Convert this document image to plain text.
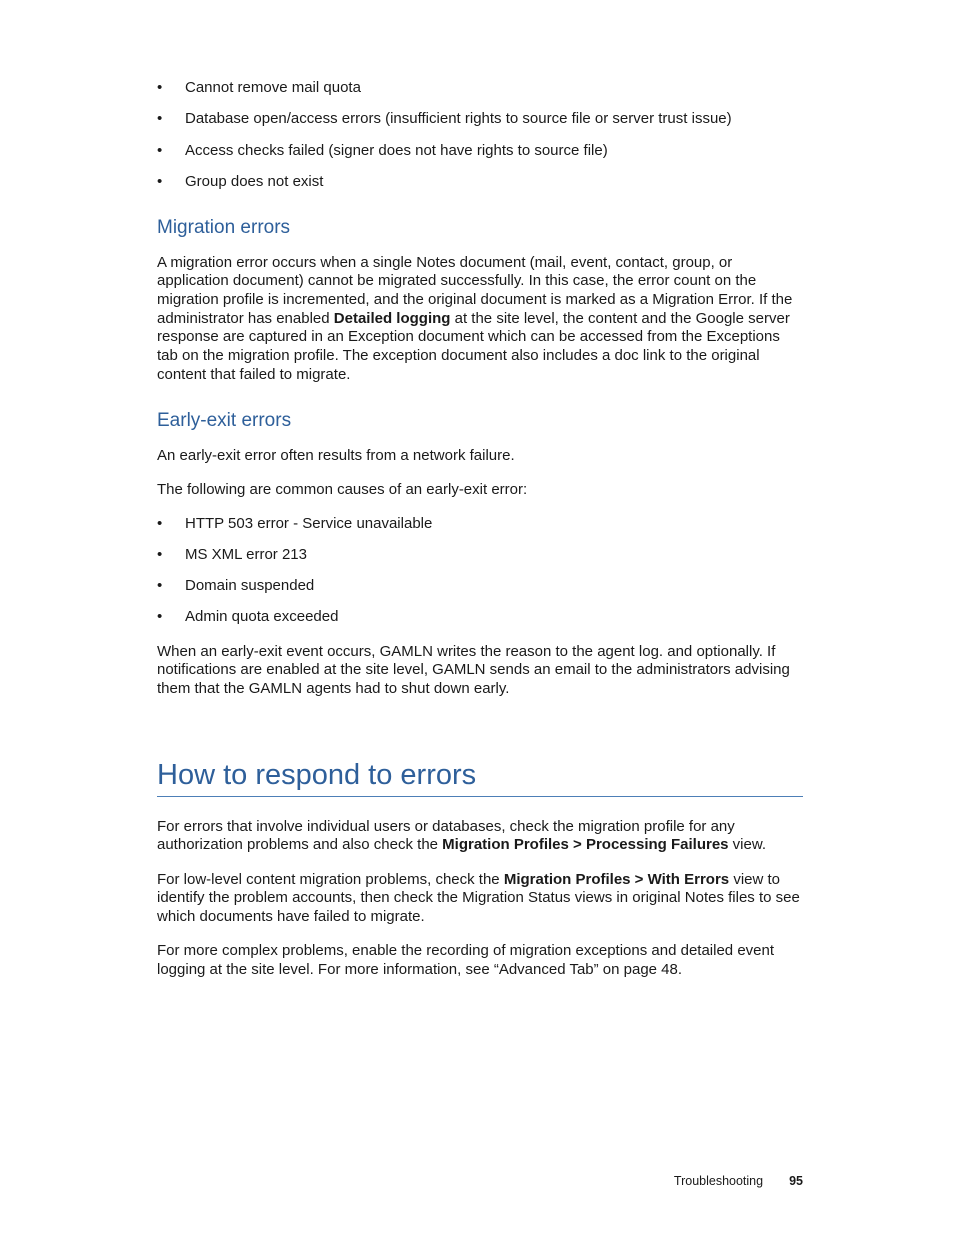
•	Cannot remove mail quota
•	Database open/access errors (insufficient rights to source file or server trust issue)
•	Access checks failed (signer does not have rights to source file)
•	Group does not exist
Migration errors

A migration error occurs when a single Notes document (mail, event, contact, group, or application document) cannot be migrated successfully. In this case, the error count on the migration profile is incremented, and the original document is marked as a Migration Error. If the administrator has enabled Detailed logging at the site level, the content and the Google server response are captured in an Exception document which can be accessed from the Exceptions tab on the migration profile. The exception document also includes a doc link to the original content that failed to migrate.

Early-exit errors

An early-exit error often results from a network failure.

The following are common causes of an early-exit error:

•	HTTP 503 error - Service unavailable
•	MS XML error 213
•	Domain suspended
•	Admin quota exceeded

When an early-exit event occurs, GAMLN writes the reason to the agent log. and optionally. If notifications are enabled at the site level, GAMLN sends an email to the administrators advising them that the GAMLN agents had to shut down early.

How to respond to errors

For errors that involve individual users or databases, check the migration profile for any authorization problems and also check the Migration Profiles > Processing Failures view.

For low-level content migration problems, check the Migration Profiles > With Errors view to identify the problem accounts, then check the Migration Status views in original Notes files to see which documents have failed to migrate.

For more complex problems, enable the recording of migration exceptions and detailed event logging at the site level. For more information, see “Advanced Tab” on page 48.

Troubleshooting 95
